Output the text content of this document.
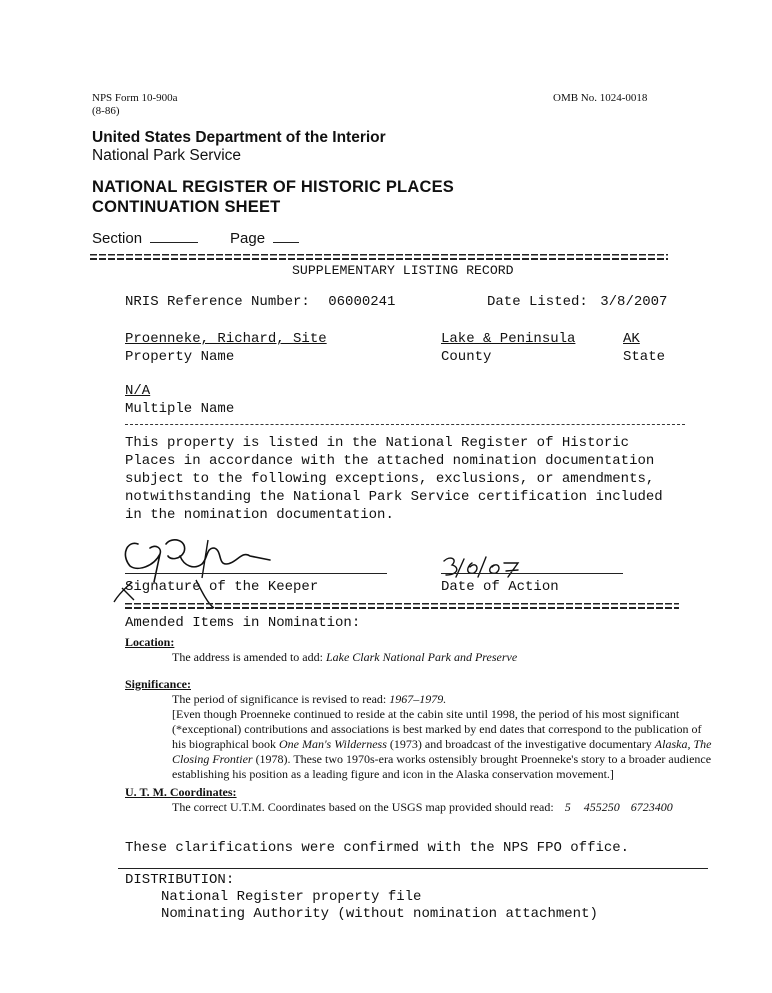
NPS Form 10-900a
(8-86)
OMB No. 1024-0018
United States Department of the Interior
National Park Service
NATIONAL REGISTER OF HISTORIC PLACES
CONTINUATION SHEET
Section	Page
SUPPLEMENTARY LISTING RECORD
NRIS Reference Number: 06000241	Date Listed: 3/8/2007
Proenneke, Richard, Site
Property Name
Lake & Peninsula
County
AK
State
N/A
Multiple Name
This property is listed in the National Register of Historic
Places in accordance with the attached nomination documentation
subject to the following exceptions, exclusions, or amendments,
notwithstanding the National Park Service certification included
in the nomination documentation.
Signature of the Keeper	Date of Action
Amended Items in Nomination:
Location:
The address is amended to add: Lake Clark National Park and Preserve
Significance:
The period of significance is revised to read: 1967–1979.
[Even though Proenneke continued to reside at the cabin site until 1998, the period of his most significant (*exceptional) contributions and associations is best marked by end dates that correspond to the publication of his biographical book One Man's Wilderness (1973) and broadcast of the investigative documentary Alaska, The Closing Frontier (1978). These two 1970s-era works ostensibly brought Proenneke's story to a broader audience establishing his position as a leading figure and icon in the Alaska conservation movement.]
U. T. M. Coordinates:
The correct U.T.M. Coordinates based on the USGS map provided should read: 5 455250 6723400
These clarifications were confirmed with the NPS FPO office.
DISTRIBUTION:
National Register property file
Nominating Authority (without nomination attachment)
